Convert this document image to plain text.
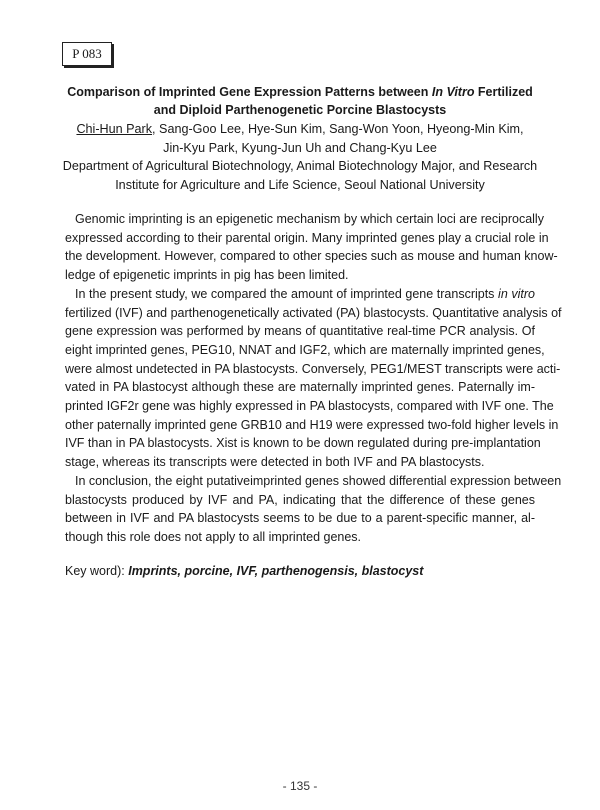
P 083
Comparison of Imprinted Gene Expression Patterns between In Vitro Fertilized
and Diploid Parthenogenetic Porcine Blastocysts
Chi-Hun Park, Sang-Goo Lee, Hye-Sun Kim, Sang-Won Yoon, Hyeong-Min Kim,
Jin-Kyu Park, Kyung-Jun Uh and Chang-Kyu Lee
Department of Agricultural Biotechnology, Animal Biotechnology Major, and Research
Institute for Agriculture and Life Science, Seoul National University
Genomic imprinting is an epigenetic mechanism by which certain loci are reciprocally
expressed according to their parental origin. Many imprinted genes play a crucial role in
the development. However, compared to other species such as mouse and human know-
ledge of epigenetic imprints in pig has been limited.
In the present study, we compared the amount of imprinted gene transcripts in vitro
fertilized (IVF) and parthenogenetically activated (PA) blastocysts. Quantitative analysis of
gene expression was performed by means of quantitative real-time PCR analysis. Of
eight imprinted genes, PEG10, NNAT and IGF2, which are maternally imprinted genes,
were almost undetected in PA blastocysts. Conversely, PEG1/MEST transcripts were acti-
vated in PA blastocyst although these are maternally imprinted genes. Paternally im-
printed IGF2r gene was highly expressed in PA blastocysts, compared with IVF one. The
other paternally imprinted gene GRB10 and H19 were expressed two-fold higher levels in
IVF than in PA blastocysts. Xist is known to be down regulated during pre-implantation
stage, whereas its transcripts were detected in both IVF and PA blastocysts.
In conclusion, the eight putativeimprinted genes showed differential expression between
blastocysts produced by IVF and PA, indicating that the difference of these genes
between in IVF and PA blastocysts seems to be due to a parent-specific manner, al-
though this role does not apply to all imprinted genes.
Key word): Imprints, porcine, IVF, parthenogensis, blastocyst
- 135 -
